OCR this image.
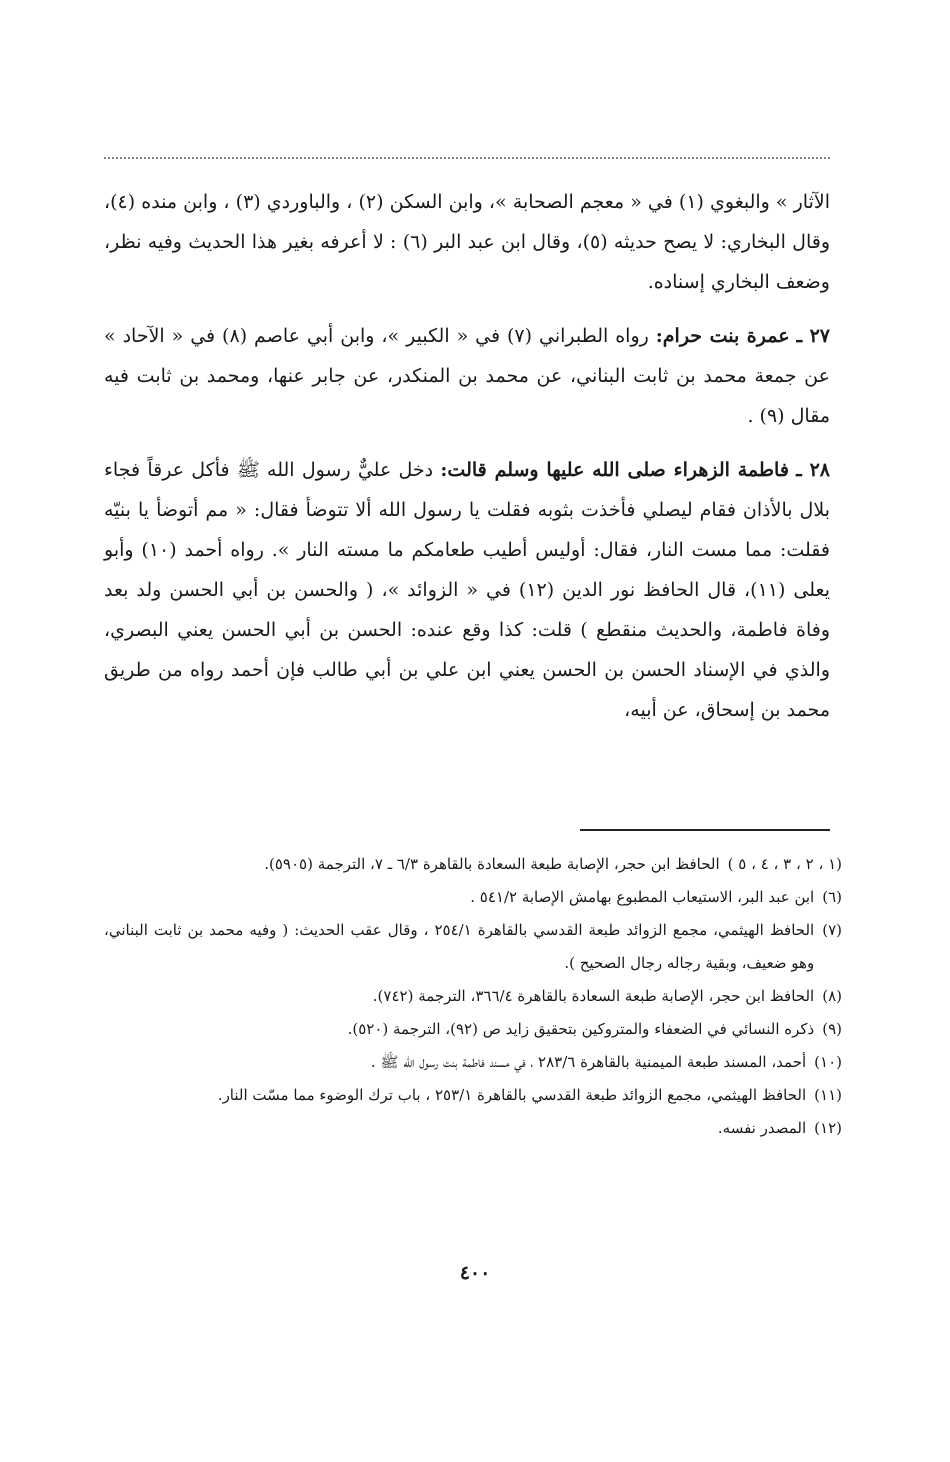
الآثار » والبغوي (١) في « معجم الصحابة »، وابن السكن (٢) ، والباوردي (٣) ، وابن منده (٤)، وقال البخاري: لا يصح حديثه (٥)، وقال ابن عبد البر (٦) : لا أعرفه بغير هذا الحديث وفيه نظر، وضعف البخاري إسناده.

٢٧ ـ عمرة بنت حرام: رواه الطبراني (٧) في « الكبير »، وابن أبي عاصم (٨) في « الآحاد » عن جمعة محمد بن ثابت البناني، عن محمد بن المنكدر، عن جابر عنها، ومحمد بن ثابت فيه مقال (٩) .

٢٨ ـ فاطمة الزهراء صلى الله عليها وسلم قالت: دخل عليٌّ رسول الله ﷺ فأكل عرقاً فجاء بلال بالأذان فقام ليصلي فأخذت بثوبه فقلت يا رسول الله ألا تتوضأ فقال: « مم أتوضأ يا بنيّه فقلت: مما مست النار، فقال: أوليس أطيب طعامكم ما مسته النار ». رواه أحمد (١٠) وأبو يعلى (١١)، قال الحافظ نور الدين (١٢) في « الزوائد »، ( والحسن بن أبي الحسن ولد بعد وفاة فاطمة، والحديث منقطع ) قلت: كذا وقع عنده: الحسن بن أبي الحسن يعني البصري، والذي في الإسناد الحسن بن الحسن يعني ابن علي بن أبي طالب فإن أحمد رواه من طريق محمد بن إسحاق، عن أبيه،

(١ ، ٢ ، ٣ ، ٤ ، ٥ )
الحافظ ابن حجر، الإصابة طبعة السعادة بالقاهرة ٦/٣ ـ ٧، الترجمة (٥٩٠٥).
(٦)
ابن عبد البر، الاستيعاب المطبوع بهامش الإصابة ٥٤١/٢ .
(٧)
الحافظ الهيثمي، مجمع الزوائد طبعة القدسي بالقاهرة ٢٥٤/١ ، وقال عقب الحديث: ( وفيه محمد بن ثابت البناني، وهو ضعيف، وبقية رجاله رجال الصحيح ).
(٨)
الحافظ ابن حجر، الإصابة طبعة السعادة بالقاهرة ٣٦٦/٤، الترجمة (٧٤٢).
(٩)
ذكره النسائي في الضعفاء والمتروكين بتحقيق زايد ص (٩٢)، الترجمة (٥٢٠).
(١٠)
أحمد، المسند طبعة الميمنية بالقاهرة ٢٨٣/٦ ، في مسند فاطمة بنت رسول الله ﷺ .
(١١)
الحافظ الهيثمي، مجمع الزوائد طبعة القدسي بالقاهرة ٢٥٣/١ ، باب ترك الوضوء مما مسّت النار.
(١٢)
المصدر نفسه.
٤٠٠
